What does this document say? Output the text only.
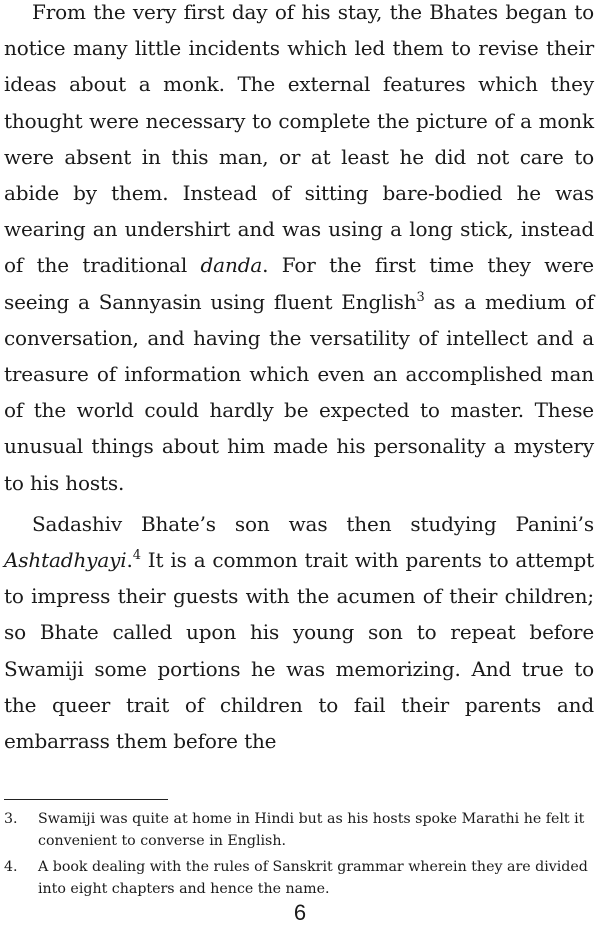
From the very first day of his stay, the Bhates began to notice many little incidents which led them to revise their ideas about a monk. The external features which they thought were necessary to complete the picture of a monk were absent in this man, or at least he did not care to abide by them. Instead of sitting bare-bodied he was wearing an undershirt and was using a long stick, instead of the traditional danda. For the first time they were seeing a Sannyasin using fluent English$^3$ as a medium of conversation, and having the versatility of intellect and a treasure of information which even an accomplished man of the world could hardly be expected to master. These unusual things about him made his personality a mystery to his hosts.

Sadashiv Bhate’s son was then studying Panini’s Ashtadhyayi.$^4$ It is a common trait with parents to attempt to impress their guests with the acumen of their children; so Bhate called upon his young son to repeat before Swamiji some portions he was memorizing. And true to the queer trait of children to fail their parents and embarrass them before the

3.	Swamiji was quite at home in Hindi but as his hosts spoke Marathi he felt it convenient to converse in English.
4.	A book dealing with the rules of Sanskrit grammar wherein they are divided into eight chapters and hence the name.
6
